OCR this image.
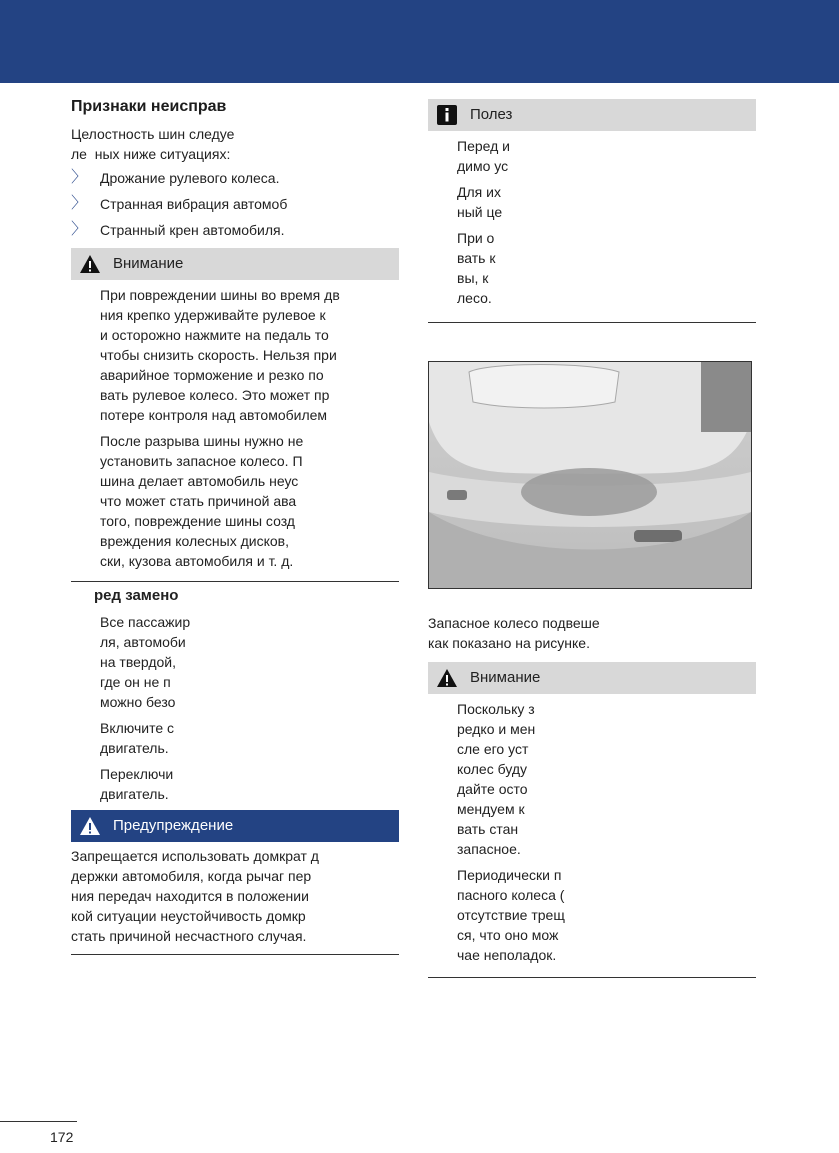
Признаки неисправ
Целостность шин следуе
ле  ных ниже ситуациях:
〉 Дрожание рулевого колеса.
〉 Странная вибрация автомоб
〉 Странный крен автомобиля.
Внимание
При повреждении шины во время дв
ния крепко удерживайте рулевое к
и осторожно нажмите на педаль то
чтобы снизить скорость. Нельзя при
аварийное торможение и резко по
вать рулевое колесо. Это может пр
потере контроля над автомобилем
После разрыва шины нужно не
установить запасное колесо. П
шина делает автомобиль неус
что может стать причиной ава
того, повреждение шины созд
вреждения колесных дисков,
ски, кузова автомобиля и т. д.
ред замено
Все пассажир
ля, автомоби
на твердой,
где он не п
можно безо
Включите с
двигатель.
Переключи
двигатель.
Предупреждение
Запрещается использовать домкрат д
держки автомобиля, когда рычаг пер
ния передач находится в положении
кой ситуации неустойчивость домкр
стать причиной несчастного случая.
Полез
Перед и
димо ус
Для их
ный це
При о
вать к
вы, к
лесо.
Запасное колесо подвеше
как показано на рисунке.
Внимание
Поскольку з
редко и мен
сле его уст
колес буду
дайте осто
мендуем к
вать стан
запасное.
Периодически п
пасного колеса (
отсутствие трещ
ся, что оно мож
чае неполадок.
172
